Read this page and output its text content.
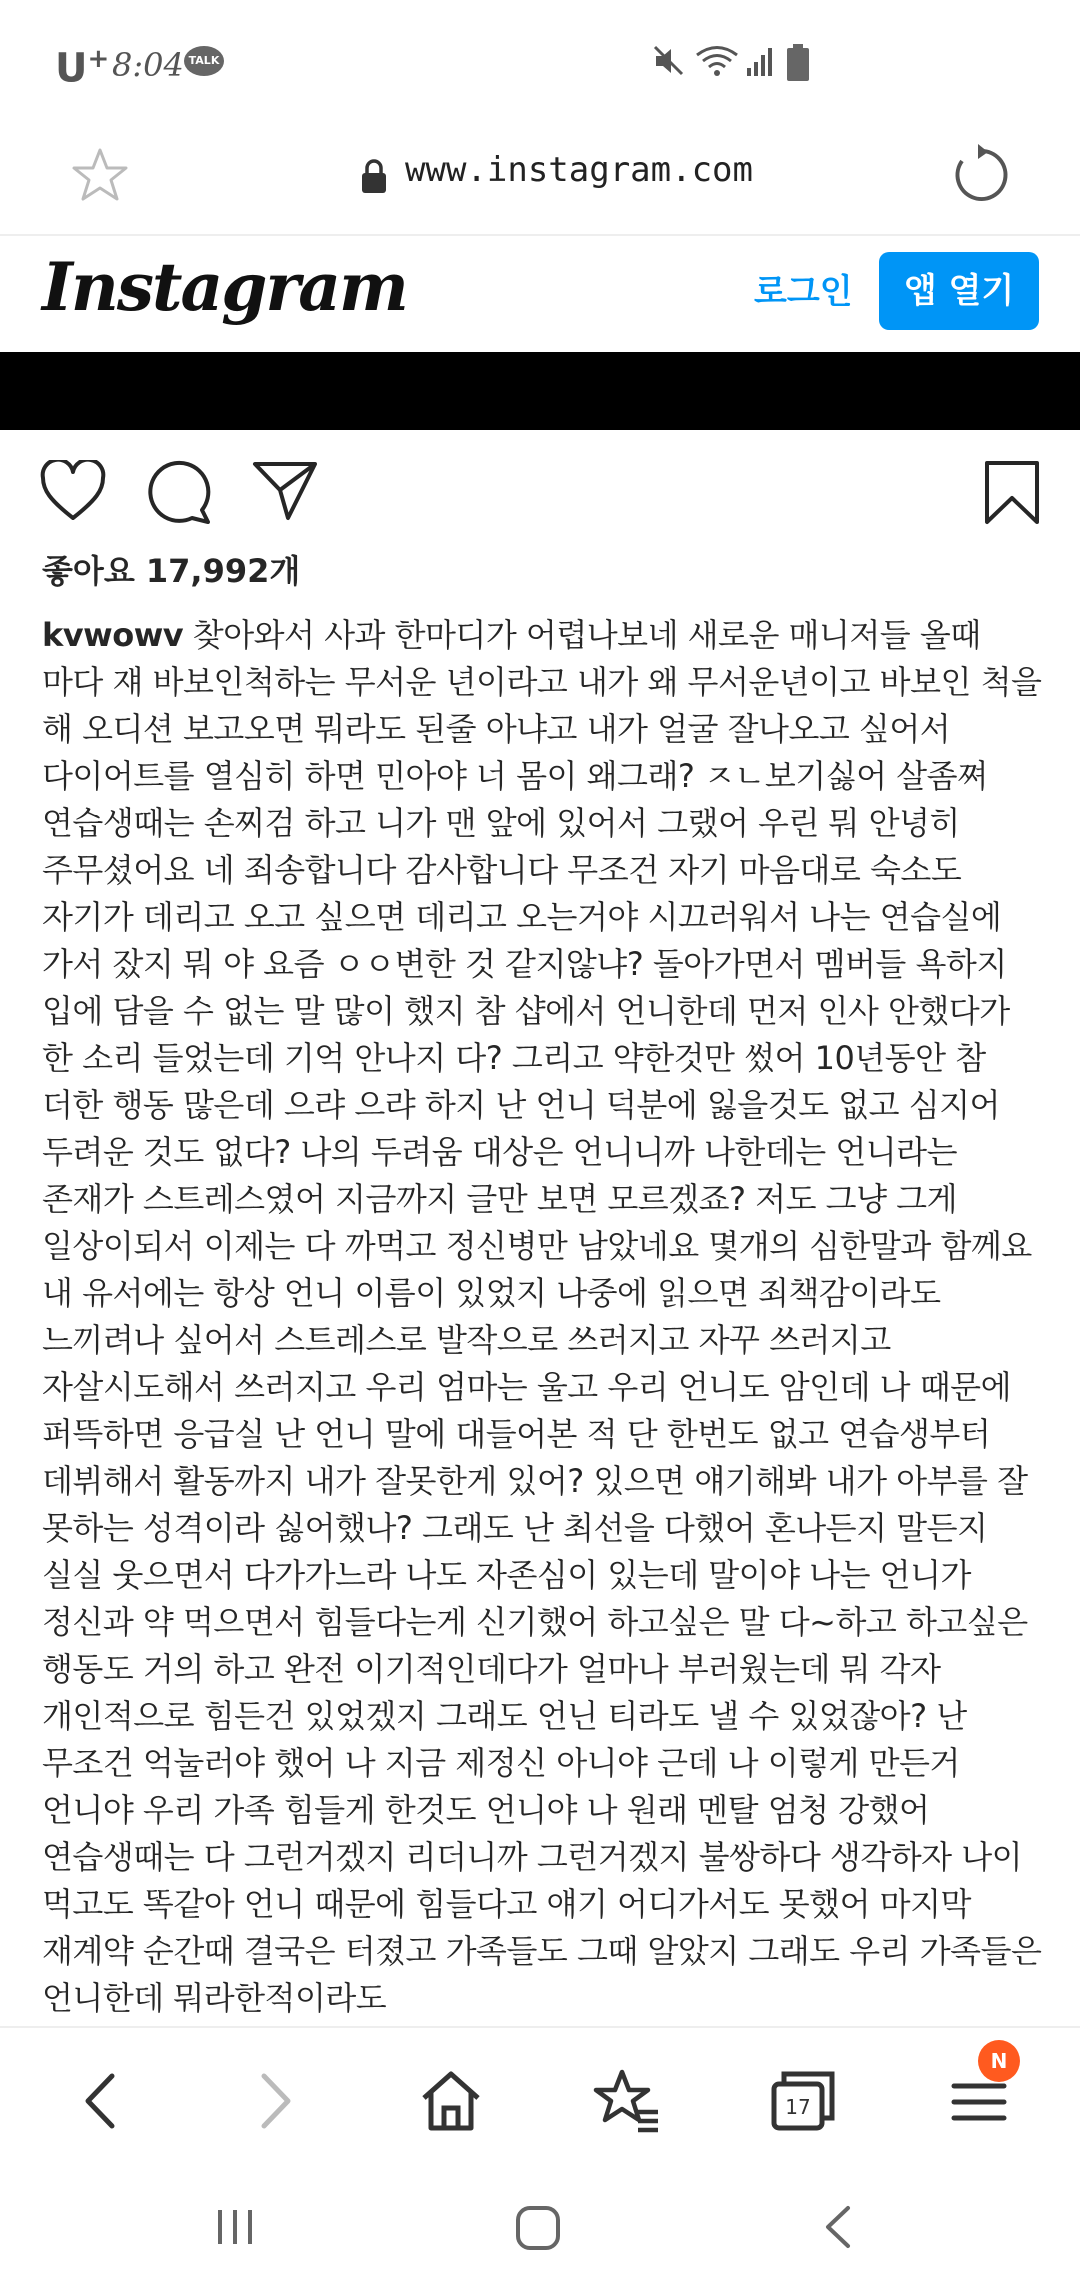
U+ 8:04 TALK
www.instagram.com
Instagram	로그인	앱 열기
좋아요 17,992개
kvwowv 찾아와서 사과 한마디가 어렵나보네 새로운 매니저들 올때 마다 쟤 바보인척하는 무서운 년이라고 내가 왜 무서운년이고 바보인 척을 해 오디션 보고오면 뭐라도 된줄 아냐고 내가 얼굴 잘나오고 싶어서 다이어트를 열심히 하면 민아야 너 몸이 왜그래? ㅈㄴ보기싫어 살좀쪄 연습생때는 손찌검 하고 니가 맨 앞에 있어서 그랬어 우린 뭐 안녕히 주무셨어요 네 죄송합니다 감사합니다 무조건 자기 마음대로 숙소도 자기가 데리고 오고 싶으면 데리고 오는거야 시끄러워서 나는 연습실에 가서 잤지 뭐 야 요즘 ㅇㅇ변한 것 같지않냐? 돌아가면서 멤버들 욕하지 입에 담을 수 없는 말 많이 했지 참 샵에서 언니한데 먼저 인사 안했다가 한 소리 들었는데 기억 안나지 다? 그리고 약한것만 썼어 10년동안 참 더한 행동 많은데 으랴 으랴 하지 난 언니 덕분에 잃을것도 없고 심지어 두려운 것도 없다? 나의 두려움 대상은 언니니까 나한데는 언니라는 존재가 스트레스였어 지금까지 글만 보면 모르겠죠? 저도 그냥 그게 일상이되서 이제는 다 까먹고 정신병만 남았네요 몇개의 심한말과 함께요 내 유서에는 항상 언니 이름이 있었지 나중에 읽으면 죄책감이라도 느끼려나 싶어서 스트레스로 발작으로 쓰러지고 자꾸 쓰러지고 자살시도해서 쓰러지고 우리 엄마는 울고 우리 언니도 암인데 나 때문에 퍼뜩하면 응급실 난 언니 말에 대들어본 적 단 한번도 없고 연습생부터 데뷔해서 활동까지 내가 잘못한게 있어? 있으면 얘기해봐 내가 아부를 잘 못하는 성격이라 싫어했나? 그래도 난 최선을 다했어 혼나든지 말든지 실실 웃으면서 다가가느라 나도 자존심이 있는데 말이야 나는 언니가 정신과 약 먹으면서 힘들다는게 신기했어 하고싶은 말 다~하고 하고싶은 행동도 거의 하고 완전 이기적인데다가 얼마나 부러웠는데 뭐 각자 개인적으로 힘든건 있었겠지 그래도 언닌 티라도 낼 수 있었잖아? 난 무조건 억눌러야 했어 나 지금 제정신 아니야 근데 나 이렇게 만든거 언니야 우리 가족 힘들게 한것도 언니야 나 원래 멘탈 엄청 강했어 연습생때는 다 그런거겠지 리더니까 그런거겠지 불쌍하다 생각하자 나이 먹고도 똑같아 언니 때문에 힘들다고 얘기 어디가서도 못했어 마지막 재계약 순간때 결국은 터졌고 가족들도 그때 알았지 그래도 우리 가족들은 언니한데 뭐라한적이라도
17
N
